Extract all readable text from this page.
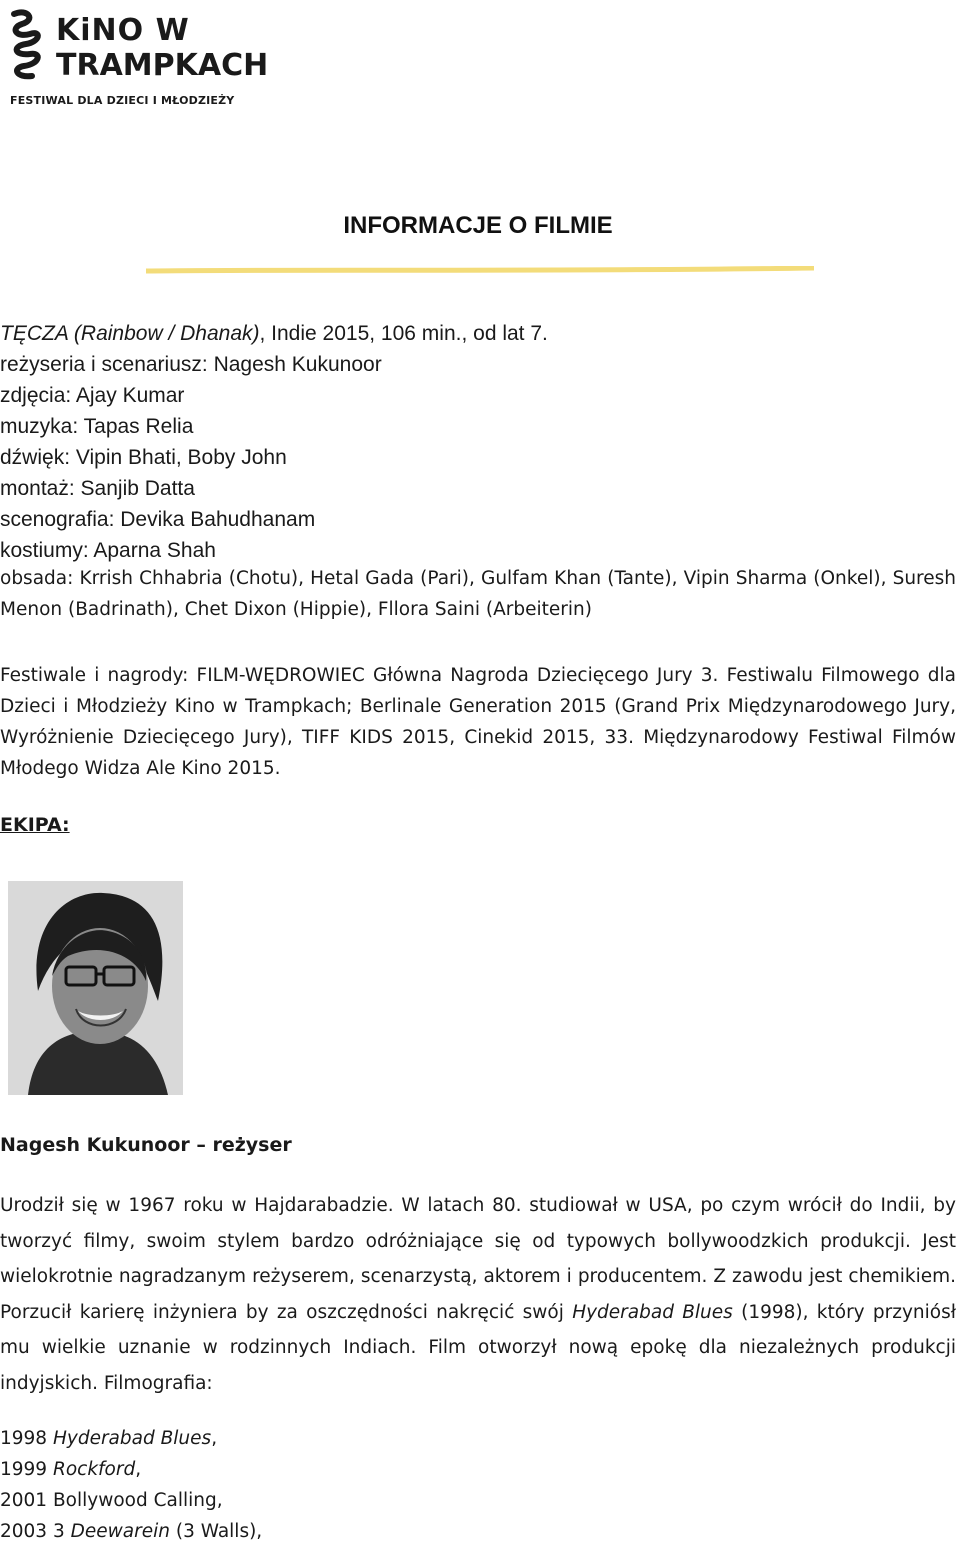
KiNO W
TRAMPKACH
FESTIWAL DLA DZIECI I MŁODZIEŻY
INFORMACJE O FILMIE
TĘCZA (Rainbow / Dhanak), Indie 2015, 106 min., od lat 7.
reżyseria i scenariusz: Nagesh Kukunoor
zdjęcia: Ajay Kumar
muzyka: Tapas Relia
dźwięk: Vipin Bhati, Boby John
montaż: Sanjib Datta
scenografia: Devika Bahudhanam
kostiumy: Aparna Shah
obsada: Krrish Chhabria (Chotu), Hetal Gada (Pari), Gulfam Khan (Tante), Vipin Sharma (Onkel), Suresh Menon (Badrinath), Chet Dixon (Hippie), Fllora Saini (Arbeiterin)
Festiwale i nagrody: FILM-WĘDROWIEC Główna Nagroda Dziecięcego Jury 3. Festiwalu Filmowego dla Dzieci i Młodzieży Kino w Trampkach; Berlinale Generation 2015 (Grand Prix Międzynarodowego Jury, Wyróżnienie Dziecięcego Jury), TIFF KIDS 2015, Cinekid 2015, 33. Międzynarodowy Festiwal Filmów Młodego Widza Ale Kino 2015.
EKIPA:
Nagesh Kukunoor – reżyser
Urodził się w 1967 roku w Hajdarabadzie. W latach 80. studiował w USA, po czym wrócił do Indii, by tworzyć filmy, swoim stylem bardzo odróżniające się od typowych bollywoodzkich produkcji. Jest wielokrotnie nagradzanym reżyserem, scenarzystą, aktorem i producentem. Z zawodu jest chemikiem. Porzucił karierę inżyniera by za oszczędności nakręcić swój Hyderabad Blues (1998), który przyniósł mu wielkie uznanie w rodzinnych Indiach. Film otworzył nową epokę dla niezależnych produkcji indyjskich. Filmografia:
1998 Hyderabad Blues,
1999 Rockford,
2001 Bollywood Calling,
2003 3 Deewarein (3 Walls),
